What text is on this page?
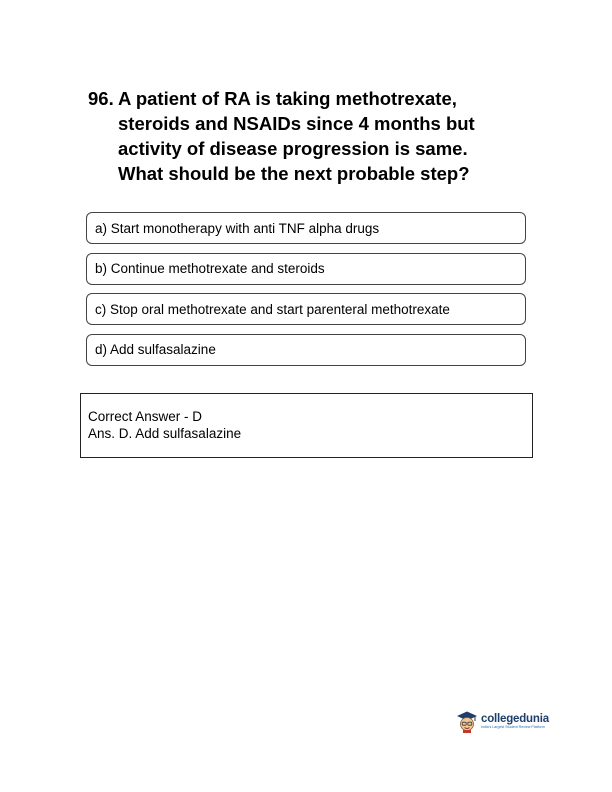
96. A patient of RA is taking methotrexate,
steroids and NSAIDs since 4 months but
activity of disease progression is same.
What should be the next probable step?
a) Start monotherapy with anti TNF alpha drugs
b) Continue methotrexate and steroids
c) Stop oral methotrexate and start parenteral methotrexate
d) Add sulfasalazine
Correct Answer - D
Ans. D. Add sulfasalazine
collegedunia
India's Largest Student Review Platform
